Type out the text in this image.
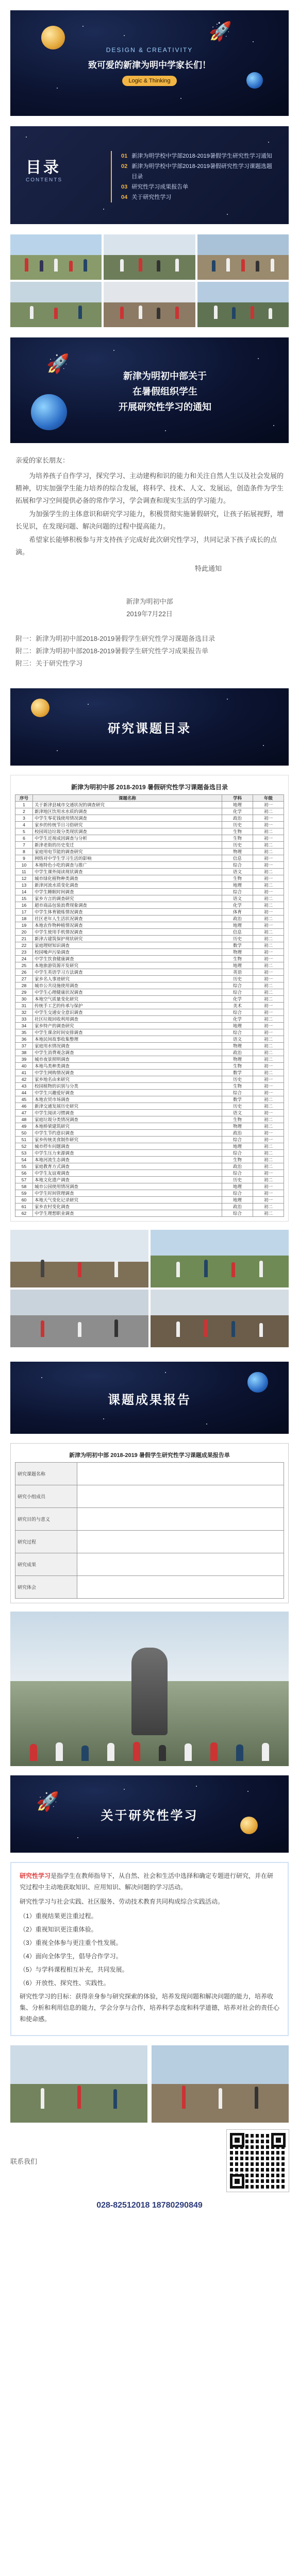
🚀
DESIGN & CREATIVITY
致可爱的新津为明中学家长们！
Logic & Thinking
目录
CONTENTS
01 新津为明学校中学部2018-2019暑假学生研究性学习通知
02 新津为明学校中学部2018-2019暑假研究性学习课题选题目录
03 研究性学习成果报告单
04 关于研究性学习
🚀

新津为明初中部关于

在暑假组织学生

开展研究性学习的通知

亲爱的家长朋友：

为培养孩子自作学习，探究学习、主动建构和识的能力和关注自然人生以及社会发展的精神，切实加强学生能力培养的综合发展，将科学、技术、人文、发展运，创造条件为学生拓展和学习空间提供必备的常作学习，学会调查和现实生活的学习能力。

为加强学生的主体意识和研究学习能力，积极贯彻实施暑假研究，让孩子拓展视野，增长见识，在发现问题、解决问题的过程中提高能力。

希望家长能够积极参与并支持孩子完成好此次研究性学习，共同记录下孩子成长的点滴。

特此通知

新津为明初中部
2019年7月22日
附一：新津为明初中部2018-2019暑假学生研究性学习课题备选目录
附二：新津为明初中部2018-2019暑假学生研究性学习成果报告单
附三：关于研究性学习
研究课题目录
新津为明初中部 2018-2019 暑假研究性学习课题备选目录
序号	课题名称	学科	年级
1	关于新津县城市交通状况的调查研究	地理	初一
2	新津地区饮用水水质的调查	化学	初二
3	中学生零花钱使用情况调查	政治	初一
4	家乡的传统节日习俗研究	历史	初一
5	校园周边垃圾分类现状调查	生物	初二
6	中学生近视成因调查与分析	生物	初一
7	新津老街的历史变迁	历史	初二
8	家庭用电节能的调查研究	物理	初二
9	网络对中学生学习生活的影响	信息	初一
10	本地特色小吃的调查与推广	综合	初一
11	中学生课外阅读现状调查	语文	初二
12	城市绿化植物种类调查	生物	初一
13	新津河流水质变化调查	地理	初二
14	中学生睡眠时间调查	综合	初一
15	家乡方言的调查研究	语文	初二
16	超市商品包装浪费现象调查	化学	初二
17	中学生体育锻炼情况调查	体育	初一
18	社区老年人生活状况调查	政治	初二
19	本地农作物种植情况调查	地理	初一
20	中学生使用手机情况调查	信息	初二
21	新津古建筑保护现状研究	历史	初二
22	家庭理财知识调查	数学	初二
23	校园噪声污染调查	物理	初一
24	中学生饮食健康调查	生物	初一
25	本地旅游资源开发研究	地理	初二
26	中学生英语学习方法调查	英语	初一
27	家乡名人事迹研究	历史	初一
28	城市公共设施使用调查	综合	初二
29	中学生心理健康状况调查	综合	初二
30	本地空气质量变化研究	化学	初二
31	传统手工艺的传承与保护	美术	初一
32	中学生交通安全意识调查	综合	初一
33	社区垃圾回收利用调查	化学	初二
34	家乡特产的调查研究	地理	初一
35	中学生课余时间安排调查	综合	初一
36	本地民间故事收集整理	语文	初二
37	家庭用水情况调查	物理	初二
38	中学生消费观念调查	政治	初二
39	城市夜景照明调查	物理	初二
40	本地鸟类种类调查	生物	初一
41	中学生网购情况调查	数学	初二
42	家乡地名由来研究	历史	初一
43	校园植物的识别与分类	生物	初一
44	中学生兴趣爱好调查	综合	初一
45	本地农贸市场调查	数学	初二
46	新津交通发展历史研究	历史	初二
47	中学生阅读习惯调查	语文	初一
48	家庭垃圾分类情况调查	生物	初二
49	本地桥梁建筑研究	物理	初二
50	中学生节约意识调查	政治	初一
51	家乡传统美食制作研究	综合	初一
52	城市停车问题调查	地理	初二
53	中学生压力来源调查	综合	初二
54	本地河流生态调查	生物	初二
55	家庭教育方式调查	政治	初二
56	中学生友谊观调查	综合	初一
57	本地文化遗产调查	历史	初二
58	城市公园使用情况调查	地理	初一
59	中学生时间管理调查	综合	初一
60	本地天气变化记录研究	地理	初一
61	家乡农村变化调查	政治	初二
62	中学生理想职业调查	综合	初二
课题成果报告
新津为明初中部 2018-2019 暑假学生研究性学习课题成果报告单
研究课题名称	
研究小组成员	
研究目的与意义	
研究过程	
研究成果	
研究体会	
🚀
关于研究性学习

研究性学习是指学生在教师指导下，从自然、社会和生活中选择和确定专题进行研究，并在研究过程中主动地获取知识、应用知识、解决问题的学习活动。

研究性学习与社会实践、社区服务、劳动技术教育共同构成综合实践活动。

（1）重视结果更注重过程。
（2）重视知识更注重体验。
（3）重视全体参与更注重个性发展。
（4）面向全体学生，倡导合作学习。
（5）与学科课程相互补充，共同发展。
（6）开放性、探究性、实践性。

研究性学习的目标：获得亲身参与研究探索的体验，培养发现问题和解决问题的能力，培养收集、分析和利用信息的能力，学会分享与合作，培养科学态度和科学道德，培养对社会的责任心和使命感。

联系我们
028-82512018 18780290849
